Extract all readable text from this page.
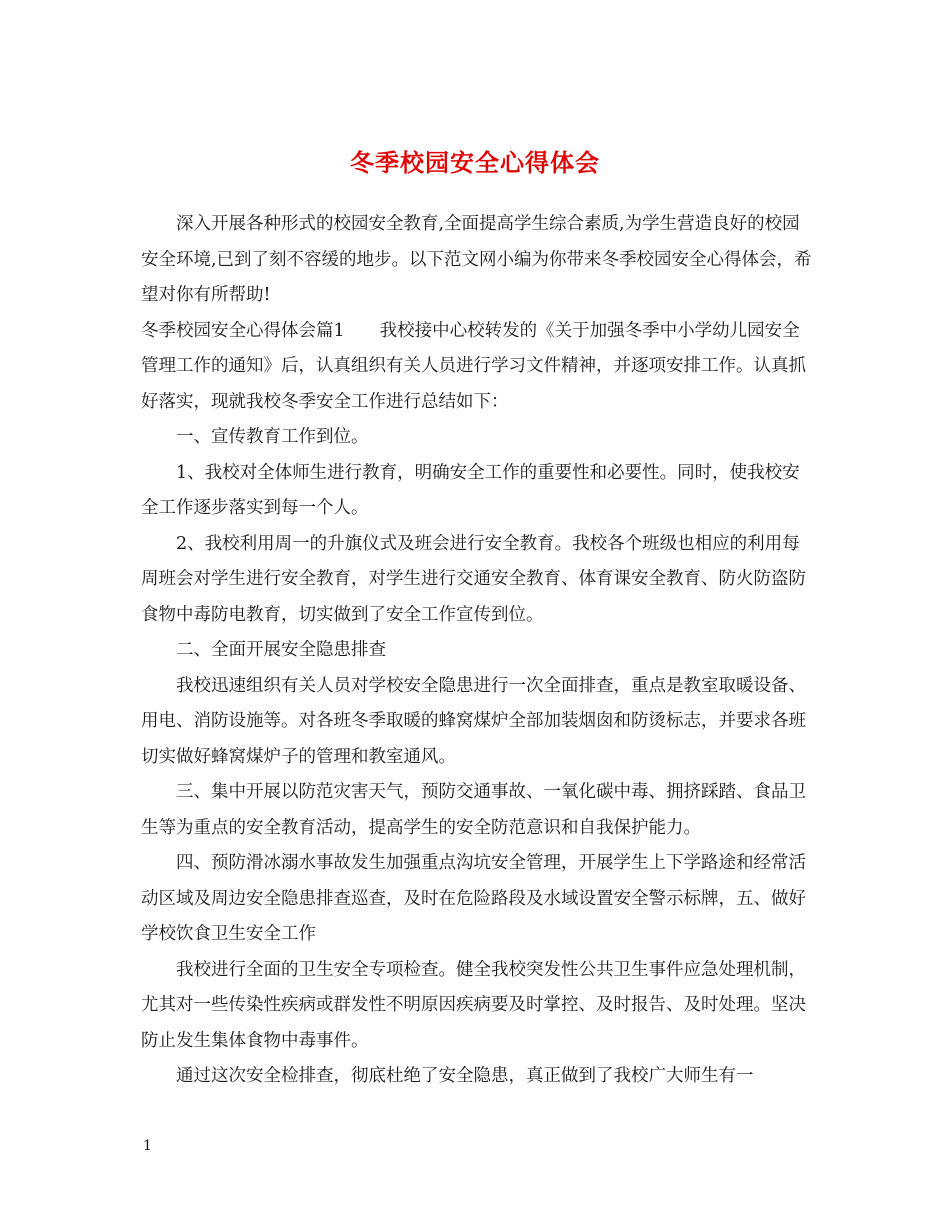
冬季校园安全心得体会

深入开展各种形式的校园安全教育,全面提高学生综合素质,为学生营造良好的校园安全环境,已到了刻不容缓的地步。以下范文网小编为你带来冬季校园安全心得体会，希望对你有所帮助!

冬季校园安全心得体会篇1　　我校接中心校转发的《关于加强冬季中小学幼儿园安全管理工作的通知》后，认真组织有关人员进行学习文件精神，并逐项安排工作。认真抓好落实，现就我校冬季安全工作进行总结如下：

一、宣传教育工作到位。

1、我校对全体师生进行教育，明确安全工作的重要性和必要性。同时，使我校安全工作逐步落实到每一个人。

2、我校利用周一的升旗仪式及班会进行安全教育。我校各个班级也相应的利用每周班会对学生进行安全教育，对学生进行交通安全教育、体育课安全教育、防火防盗防食物中毒防电教育，切实做到了安全工作宣传到位。

二、全面开展安全隐患排查

我校迅速组织有关人员对学校安全隐患进行一次全面排查，重点是教室取暖设备、用电、消防设施等。对各班冬季取暖的蜂窝煤炉全部加装烟囱和防烫标志，并要求各班切实做好蜂窝煤炉子的管理和教室通风。

三、集中开展以防范灾害天气，预防交通事故、一氧化碳中毒、拥挤踩踏、食品卫生等为重点的安全教育活动，提高学生的安全防范意识和自我保护能力。

四、预防滑冰溺水事故发生加强重点沟坑安全管理，开展学生上下学路途和经常活动区域及周边安全隐患排查巡查，及时在危险路段及水域设置安全警示标牌，五、做好学校饮食卫生安全工作

我校进行全面的卫生安全专项检查。健全我校突发性公共卫生事件应急处理机制，尤其对一些传染性疾病或群发性不明原因疾病要及时掌控、及时报告、及时处理。坚决防止发生集体食物中毒事件。

通过这次安全检排查，彻底杜绝了安全隐患，真正做到了我校广大师生有一

1
